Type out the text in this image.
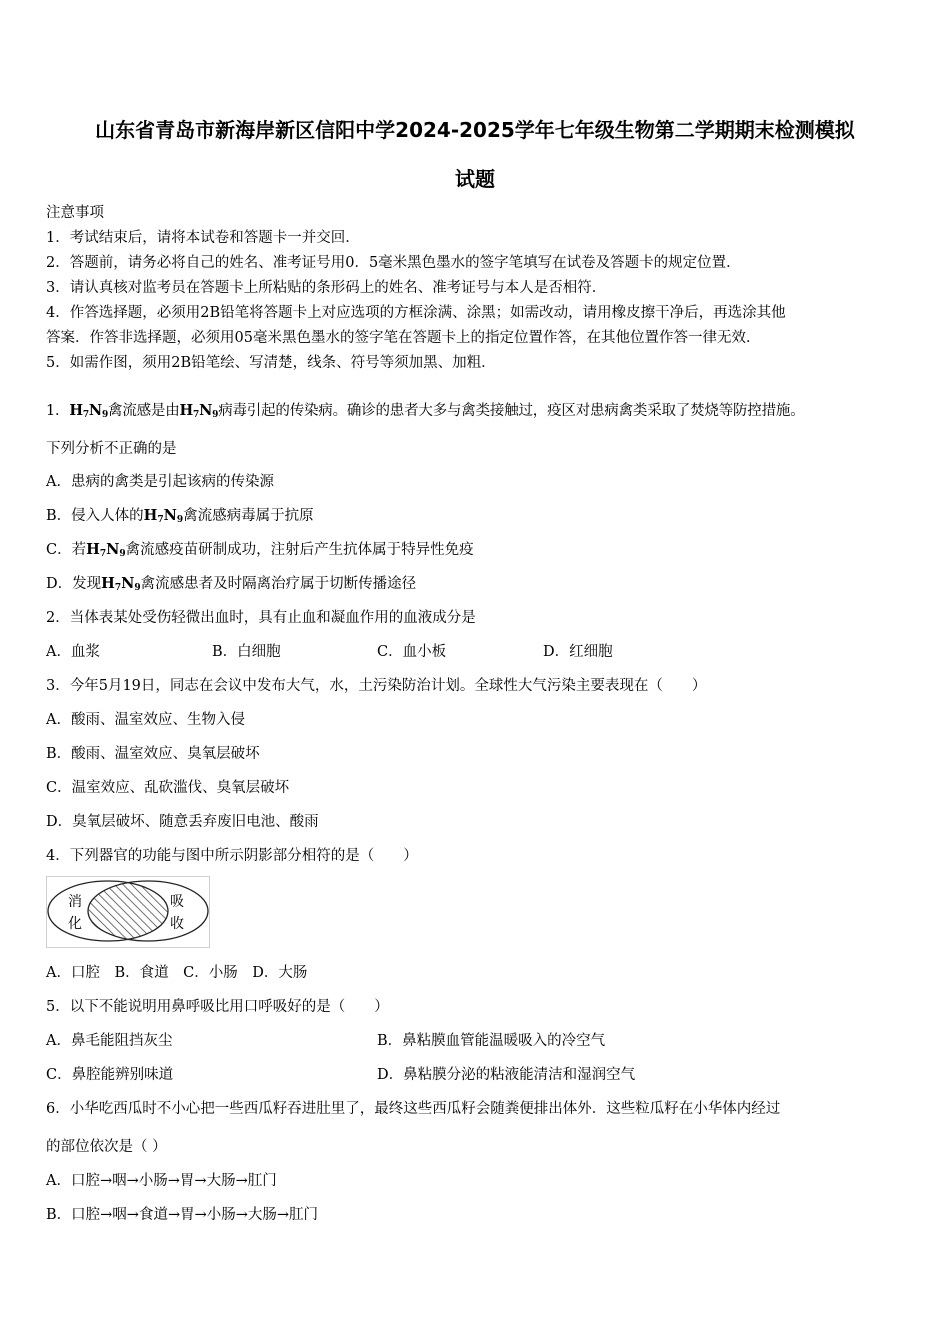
山东省青岛市新海岸新区信阳中学2024-2025学年七年级生物第二学期期末检测模拟
试题
注意事项
1．考试结束后，请将本试卷和答题卡一并交回．
2．答题前，请务必将自己的姓名、准考证号用0．5毫米黑色墨水的签字笔填写在试卷及答题卡的规定位置．
3．请认真核对监考员在答题卡上所粘贴的条形码上的姓名、准考证号与本人是否相符．
4．作答选择题，必须用2B铅笔将答题卡上对应选项的方框涂满、涂黑；如需改动，请用橡皮擦干净后，再选涂其他
答案．作答非选择题，必须用05毫米黑色墨水的签字笔在答题卡上的指定位置作答，在其他位置作答一律无效．
5．如需作图，须用2B铅笔绘、写清楚，线条、符号等须加黑、加粗．
1．$H_7N_9$禽流感是由$H_7N_9$病毒引起的传染病。确诊的患者大多与禽类接触过，疫区对患病禽类采取了焚烧等防控措施。
下列分析不正确的是
A．患病的禽类是引起该病的传染源
B．侵入人体的$H_7N_9$禽流感病毒属于抗原
C．若$H_7N_9$禽流感疫苗研制成功，注射后产生抗体属于特异性免疫
D．发现$H_7N_9$禽流感患者及时隔离治疗属于切断传播途径
2．当体表某处受伤轻微出血时，具有止血和凝血作用的血液成分是
A．血浆	B．白细胞	C．血小板	D．红细胞
3．今年5月19日，同志在会议中发布大气，水，土污染防治计划。全球性大气污染主要表现在（　　）
A．酸雨、温室效应、生物入侵
B．酸雨、温室效应、臭氧层破坏
C．温室效应、乱砍滥伐、臭氧层破坏
D．臭氧层破坏、随意丢弃废旧电池、酸雨
4．下列器官的功能与图中所示阴影部分相符的是（　　）
消
化
吸
收
A．口腔　B．食道　C．小肠　D．大肠
5．以下不能说明用鼻呼吸比用口呼吸好的是（　　）
A．鼻毛能阻挡灰尘	B．鼻粘膜血管能温暖吸入的冷空气
C．鼻腔能辨别味道	D．鼻粘膜分泌的粘液能清洁和湿润空气
6．小华吃西瓜时不小心把一些西瓜籽吞进肚里了，最终这些西瓜籽会随粪便排出体外．这些粒瓜籽在小华体内经过
的部位依次是（ ）
A．口腔→咽→小肠→胃→大肠→肛门
B．口腔→咽→食道→胃→小肠→大肠→肛门
